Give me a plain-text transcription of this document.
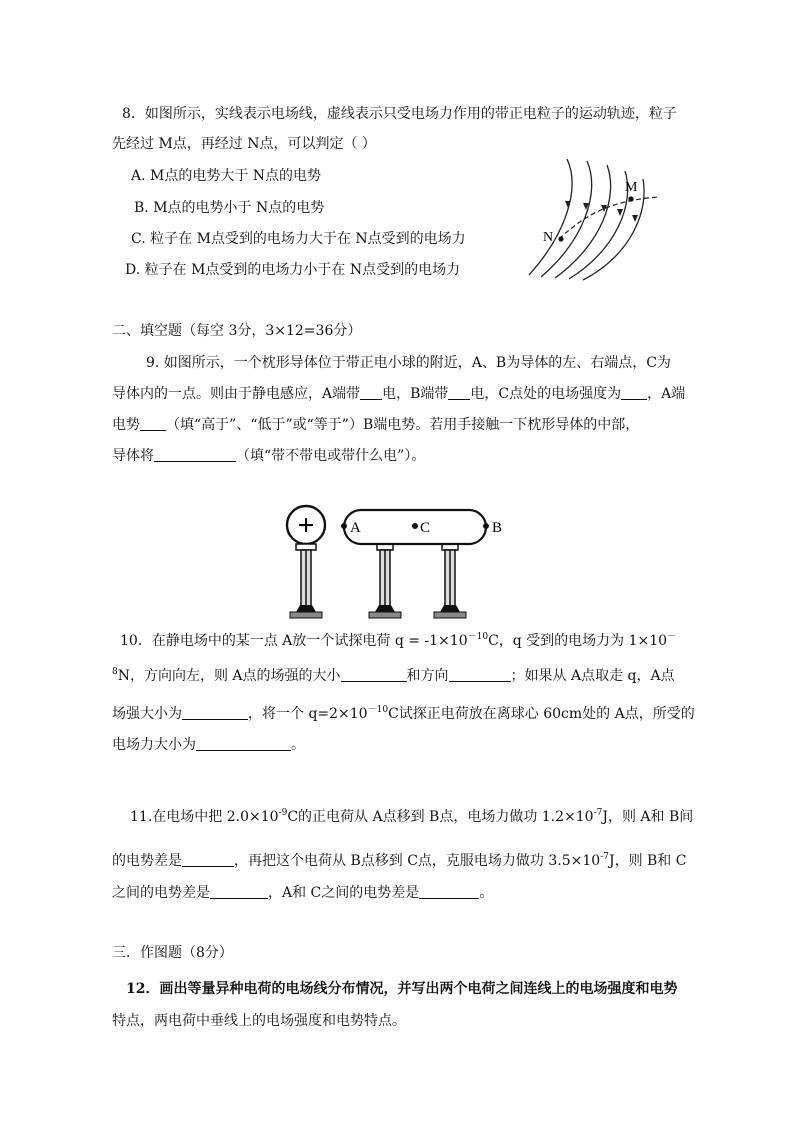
8．如图所示，实线表示电场线，虚线表示只受电场力作用的带正电粒子的运动轨迹，粒子
先经过 M点，再经过 N点，可以判定（ ）
A. M点的电势大于 N点的电势
B. M点的电势小于 N点的电势
C. 粒子在 M点受到的电场力大于在 N点受到的电场力
D. 粒子在 M点受到的电场力小于在 N点受到的电场力
M
N
二、填空题（每空 3分，3×12=36分）
9. 如图所示，一个枕形导体位于带正电小球的附近，A、B为导体的左、右端点，C为
导体内的一点。则由于静电感应，A端带 电，B端带 电，C点处的电场强度为 ，A端
电势 （填“高于”、“低于”或“等于”）B端电势。若用手接触一下枕形导体的中部，
导体将	（填“带不带电或带什么电”）。
+ A	C	B
10．在静电场中的某一点 A放一个试探电荷 $q = -1\times 10^{-10}C$，q 受到的电场力为 1×10－
$^8$N，方向向左，则 A点的场强的大小	和方向	；如果从 A点取走 q，A点
场强大小为	，将一个 $q=2\times 10^{-10}C$试探正电荷放在离球心 60cm处的 A点，所受的
电场力大小为	。
11.在电场中把 $2.0\times 10^{-9}C$的正电荷从 A点移到 B点，电场力做功 $1.2\times 10^{-7}J$，则 A和 B间
的电势差是	，再把这个电荷从 B点移到 C点，克服电场力做功 $3.5\times 10^{-7}J$，则 B和 C
之间的电势差是	，A和 C之间的电势差是	。
三．作图题（8分）
12．画出等量异种电荷的电场线分布情况，并写出两个电荷之间连线上的电场强度和电势
特点，两电荷中垂线上的电场强度和电势特点。
